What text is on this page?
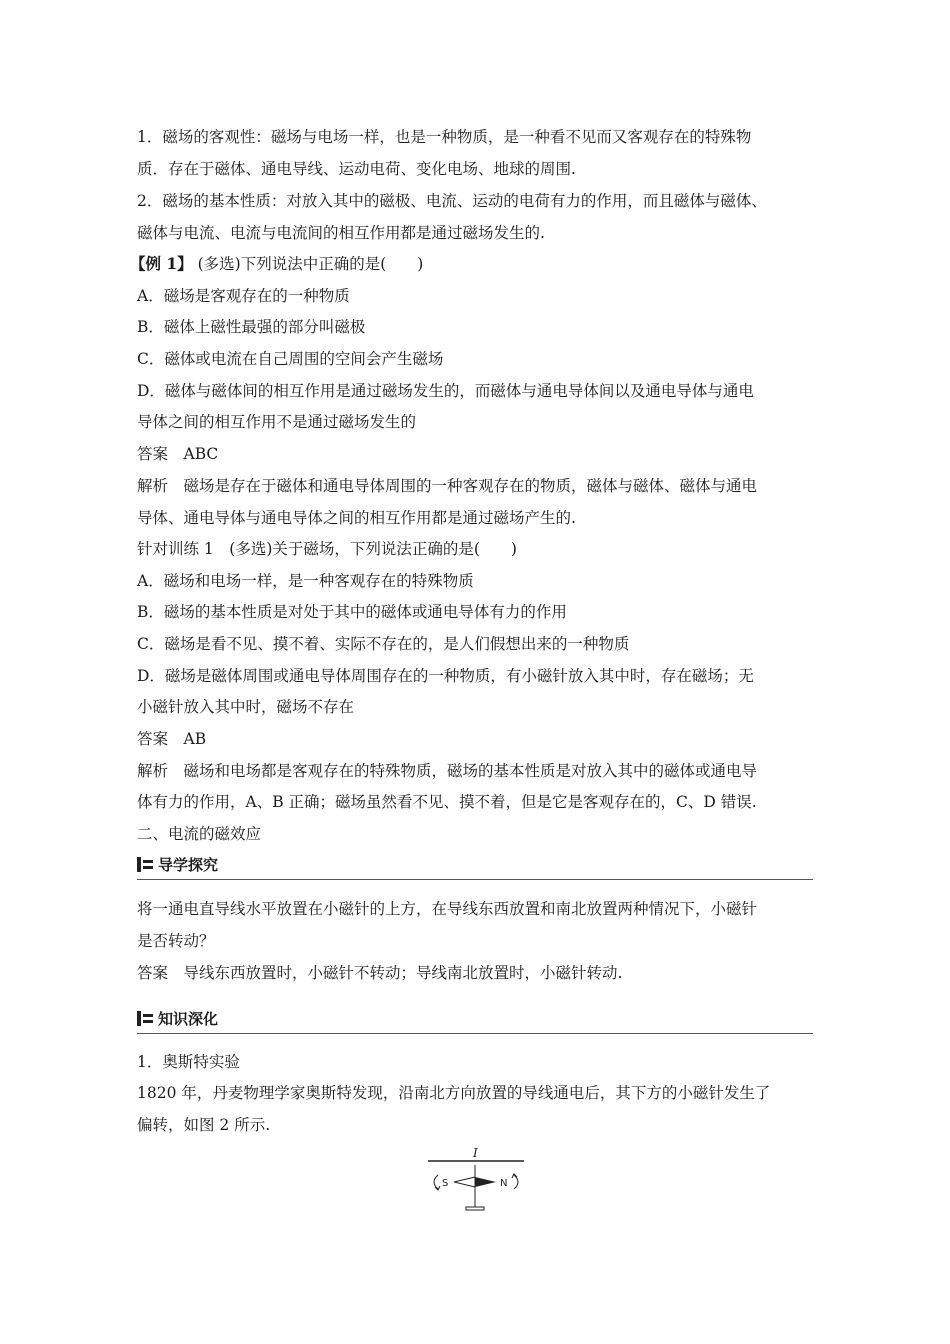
1．磁场的客观性：磁场与电场一样，也是一种物质，是一种看不见而又客观存在的特殊物
质．存在于磁体、通电导线、运动电荷、变化电场、地球的周围.
2．磁场的基本性质：对放入其中的磁极、电流、运动的电荷有力的作用，而且磁体与磁体、
磁体与电流、电流与电流间的相互作用都是通过磁场发生的.
【例 1】 (多选)下列说法中正确的是(　　)
A．磁场是客观存在的一种物质
B．磁体上磁性最强的部分叫磁极
C．磁体或电流在自己周围的空间会产生磁场
D．磁体与磁体间的相互作用是通过磁场发生的，而磁体与通电导体间以及通电导体与通电
导体之间的相互作用不是通过磁场发生的
答案　ABC
解析　磁场是存在于磁体和通电导体周围的一种客观存在的物质，磁体与磁体、磁体与通电
导体、通电导体与通电导体之间的相互作用都是通过磁场产生的.
针对训练 1　(多选)关于磁场，下列说法正确的是(　　)
A．磁场和电场一样，是一种客观存在的特殊物质
B．磁场的基本性质是对处于其中的磁体或通电导体有力的作用
C．磁场是看不见、摸不着、实际不存在的，是人们假想出来的一种物质
D．磁场是磁体周围或通电导体周围存在的一种物质，有小磁针放入其中时，存在磁场；无
小磁针放入其中时，磁场不存在
答案　AB
解析　磁场和电场都是客观存在的特殊物质，磁场的基本性质是对放入其中的磁体或通电导
体有力的作用，A、B 正确；磁场虽然看不见、摸不着，但是它是客观存在的，C、D 错误.
二、电流的磁效应
导学探究
将一通电直导线水平放置在小磁针的上方，在导线东西放置和南北放置两种情况下，小磁针
是否转动？
答案　导线东西放置时，小磁针不转动；导线南北放置时，小磁针转动.
知识深化
1．奥斯特实验
1820 年，丹麦物理学家奥斯特发现，沿南北方向放置的导线通电后，其下方的小磁针发生了
偏转，如图 2 所示.
I
S	N
